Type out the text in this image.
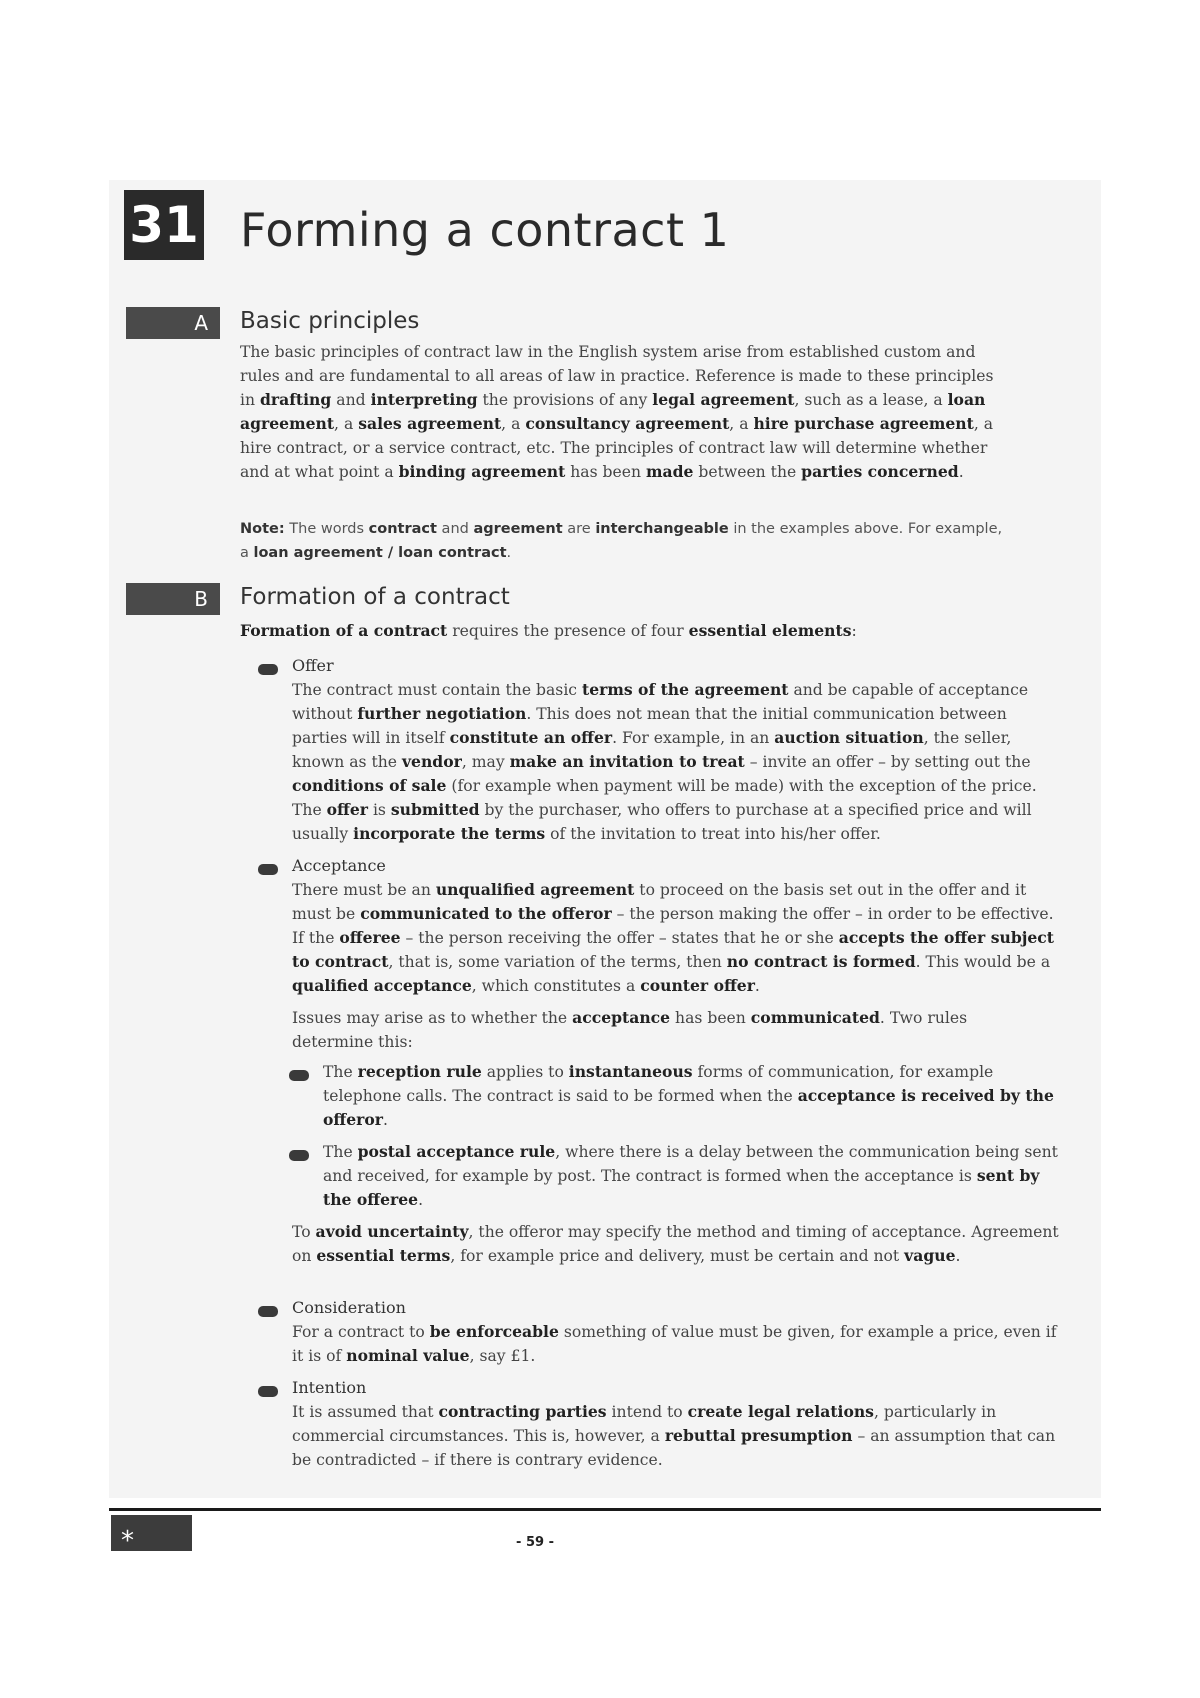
31 Forming a contract 1
A	Basic principles

The basic principles of contract law in the English system arise from established custom and rules and are fundamental to all areas of law in practice. Reference is made to these principles in drafting and interpreting the provisions of any legal agreement, such as a lease, a loan agreement, a sales agreement, a consultancy agreement, a hire purchase agreement, a hire contract, or a service contract, etc. The principles of contract law will determine whether and at what point a binding agreement has been made between the parties concerned.

Note: The words contract and agreement are interchangeable in the examples above. For example, a loan agreement / loan contract.

B	Formation of a contract

Formation of a contract requires the presence of four essential elements:

Offer

The contract must contain the basic terms of the agreement and be capable of acceptance without further negotiation. This does not mean that the initial communication between parties will in itself constitute an offer. For example, in an auction situation, the seller, known as the vendor, may make an invitation to treat – invite an offer – by setting out the conditions of sale (for example when payment will be made) with the exception of the price. The offer is submitted by the purchaser, who offers to purchase at a specified price and will usually incorporate the terms of the invitation to treat into his/her offer.

Acceptance

There must be an unqualified agreement to proceed on the basis set out in the offer and it must be communicated to the offeror – the person making the offer – in order to be effective. If the offeree – the person receiving the offer – states that he or she accepts the offer subject to contract, that is, some variation of the terms, then no contract is formed. This would be a qualified acceptance, which constitutes a counter offer.

Issues may arise as to whether the acceptance has been communicated. Two rules determine this:

The reception rule applies to instantaneous forms of communication, for example telephone calls. The contract is said to be formed when the acceptance is received by the offeror.

The postal acceptance rule, where there is a delay between the communication being sent and received, for example by post. The contract is formed when the acceptance is sent by the offeree.

To avoid uncertainty, the offeror may specify the method and timing of acceptance. Agreement on essential terms, for example price and delivery, must be certain and not vague.

Consideration

For a contract to be enforceable something of value must be given, for example a price, even if it is of nominal value, say £1.

Intention

It is assumed that contracting parties intend to create legal relations, particularly in commercial circumstances. This is, however, a rebuttal presumption – an assumption that can be contradicted – if there is contrary evidence.

⁎	- 59 -
